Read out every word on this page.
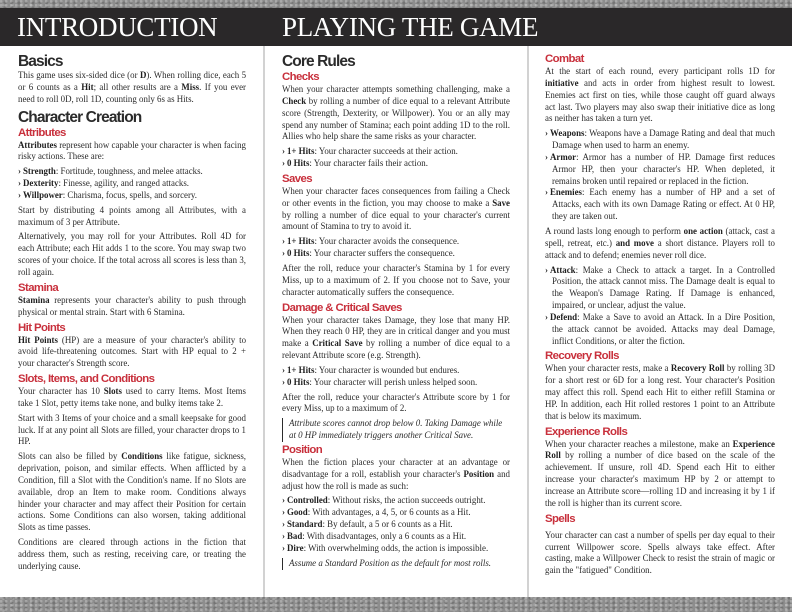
INTRODUCTION PLAYING THE GAME
Basics

This game uses six-sided dice (or D). When rolling dice, each 5 or 6 counts as a Hit; all other results are a Miss. If you ever need to roll 0D, roll 1D, counting only 6s as Hits.

Character Creation
Attributes

Attributes represent how capable your character is when facing risky actions. These are:

› Strength: Fortitude, toughness, and melee attacks.
› Dexterity: Finesse, agility, and ranged attacks.
› Willpower: Charisma, focus, spells, and sorcery.

Start by distributing 4 points among all Attributes, with a maximum of 3 per Attribute.

Alternatively, you may roll for your Attributes. Roll 4D for each Attribute; each Hit adds 1 to the score. You may swap two scores of your choice. If the total across all scores is less than 3, roll again.

Stamina

Stamina represents your character's ability to push through physical or mental strain. Start with 6 Stamina.

Hit Points

Hit Points (HP) are a measure of your character's ability to avoid life-threatening outcomes. Start with HP equal to 2 + your character's Strength score.

Slots, Items, and Conditions

Your character has 10 Slots used to carry Items. Most Items take 1 Slot, petty items take none, and bulky items take 2.

Start with 3 Items of your choice and a small keepsake for good luck. If at any point all Slots are filled, your character drops to 1 HP.

Slots can also be filled by Conditions like fatigue, sickness, deprivation, poison, and similar effects. When afflicted by a Condition, fill a Slot with the Condition's name. If no Slots are available, drop an Item to make room. Conditions always hinder your character and may affect their Position for certain actions. Some Conditions can also worsen, taking additional Slots as time passes.

Conditions are cleared through actions in the fiction that address them, such as resting, receiving care, or treating the underlying cause.

Core Rules
Checks

When your character attempts something challenging, make a Check by rolling a number of dice equal to a relevant Attribute score (Strength, Dexterity, or Willpower). You or an ally may spend any number of Stamina; each point adding 1D to the roll. Allies who help share the same risks as your character.

› 1+ Hits: Your character succeeds at their action.
› 0 Hits: Your character fails their action.
Saves

When your character faces consequences from failing a Check or other events in the fiction, you may choose to make a Save by rolling a number of dice equal to your character's current amount of Stamina to try to avoid it.

› 1+ Hits: Your character avoids the consequence.
› 0 Hits: Your character suffers the consequence.

After the roll, reduce your character's Stamina by 1 for every Miss, up to a maximum of 2. If you choose not to Save, your character automatically suffers the consequence.

Damage & Critical Saves

When your character takes Damage, they lose that many HP. When they reach 0 HP, they are in critical danger and you must make a Critical Save by rolling a number of dice equal to a relevant Attribute score (e.g. Strength).

› 1+ Hits: Your character is wounded but endures.
› 0 Hits: Your character will perish unless helped soon.

After the roll, reduce your character's Attribute score by 1 for every Miss, up to a maximum of 2.

Attribute scores cannot drop below 0. Taking Damage while at 0 HP immediately triggers another Critical Save.

Position

When the fiction places your character at an advantage or disadvantage for a roll, establish your character's Position and adjust how the roll is made as such:

› Controlled: Without risks, the action succeeds outright.
› Good: With advantages, a 4, 5, or 6 counts as a Hit.
› Standard: By default, a 5 or 6 counts as a Hit.
› Bad: With disadvantages, only a 6 counts as a Hit.
› Dire: With overwhelming odds, the action is impossible.

Assume a Standard Position as the default for most rolls.

Combat

At the start of each round, every participant rolls 1D for initiative and acts in order from highest result to lowest. Enemies act first on ties, while those caught off guard always act last. Two players may also swap their initiative dice as long as neither has taken a turn yet.

› Weapons: Weapons have a Damage Rating and deal that much Damage when used to harm an enemy.
› Armor: Armor has a number of HP. Damage first reduces Armor HP, then your character's HP. When depleted, it remains broken until repaired or replaced in the fiction.
› Enemies: Each enemy has a number of HP and a set of Attacks, each with its own Damage Rating or effect. At 0 HP, they are taken out.

A round lasts long enough to perform one action (attack, cast a spell, retreat, etc.) and move a short distance. Players roll to attack and to defend; enemies never roll dice.

› Attack: Make a Check to attack a target. In a Controlled Position, the attack cannot miss. The Damage dealt is equal to the Weapon's Damage Rating. If Damage is enhanced, impaired, or unclear, adjust the value.
› Defend: Make a Save to avoid an Attack. In a Dire Position, the attack cannot be avoided. Attacks may deal Damage, inflict Conditions, or alter the fiction.
Recovery Rolls

When your character rests, make a Recovery Roll by rolling 3D for a short rest or 6D for a long rest. Your character's Position may affect this roll. Spend each Hit to either refill Stamina or HP. In addition, each Hit rolled restores 1 point to an Attribute that is below its maximum.

Experience Rolls

When your character reaches a milestone, make an Experience Roll by rolling a number of dice based on the scale of the achievement. If unsure, roll 4D. Spend each Hit to either increase your character's maximum HP by 2 or attempt to increase an Attribute score—rolling 1D and increasing it by 1 if the roll is higher than its current score.

Spells

Your character can cast a number of spells per day equal to their current Willpower score. Spells always take effect. After casting, make a Willpower Check to resist the strain of magic or gain the "fatigued" Condition.
